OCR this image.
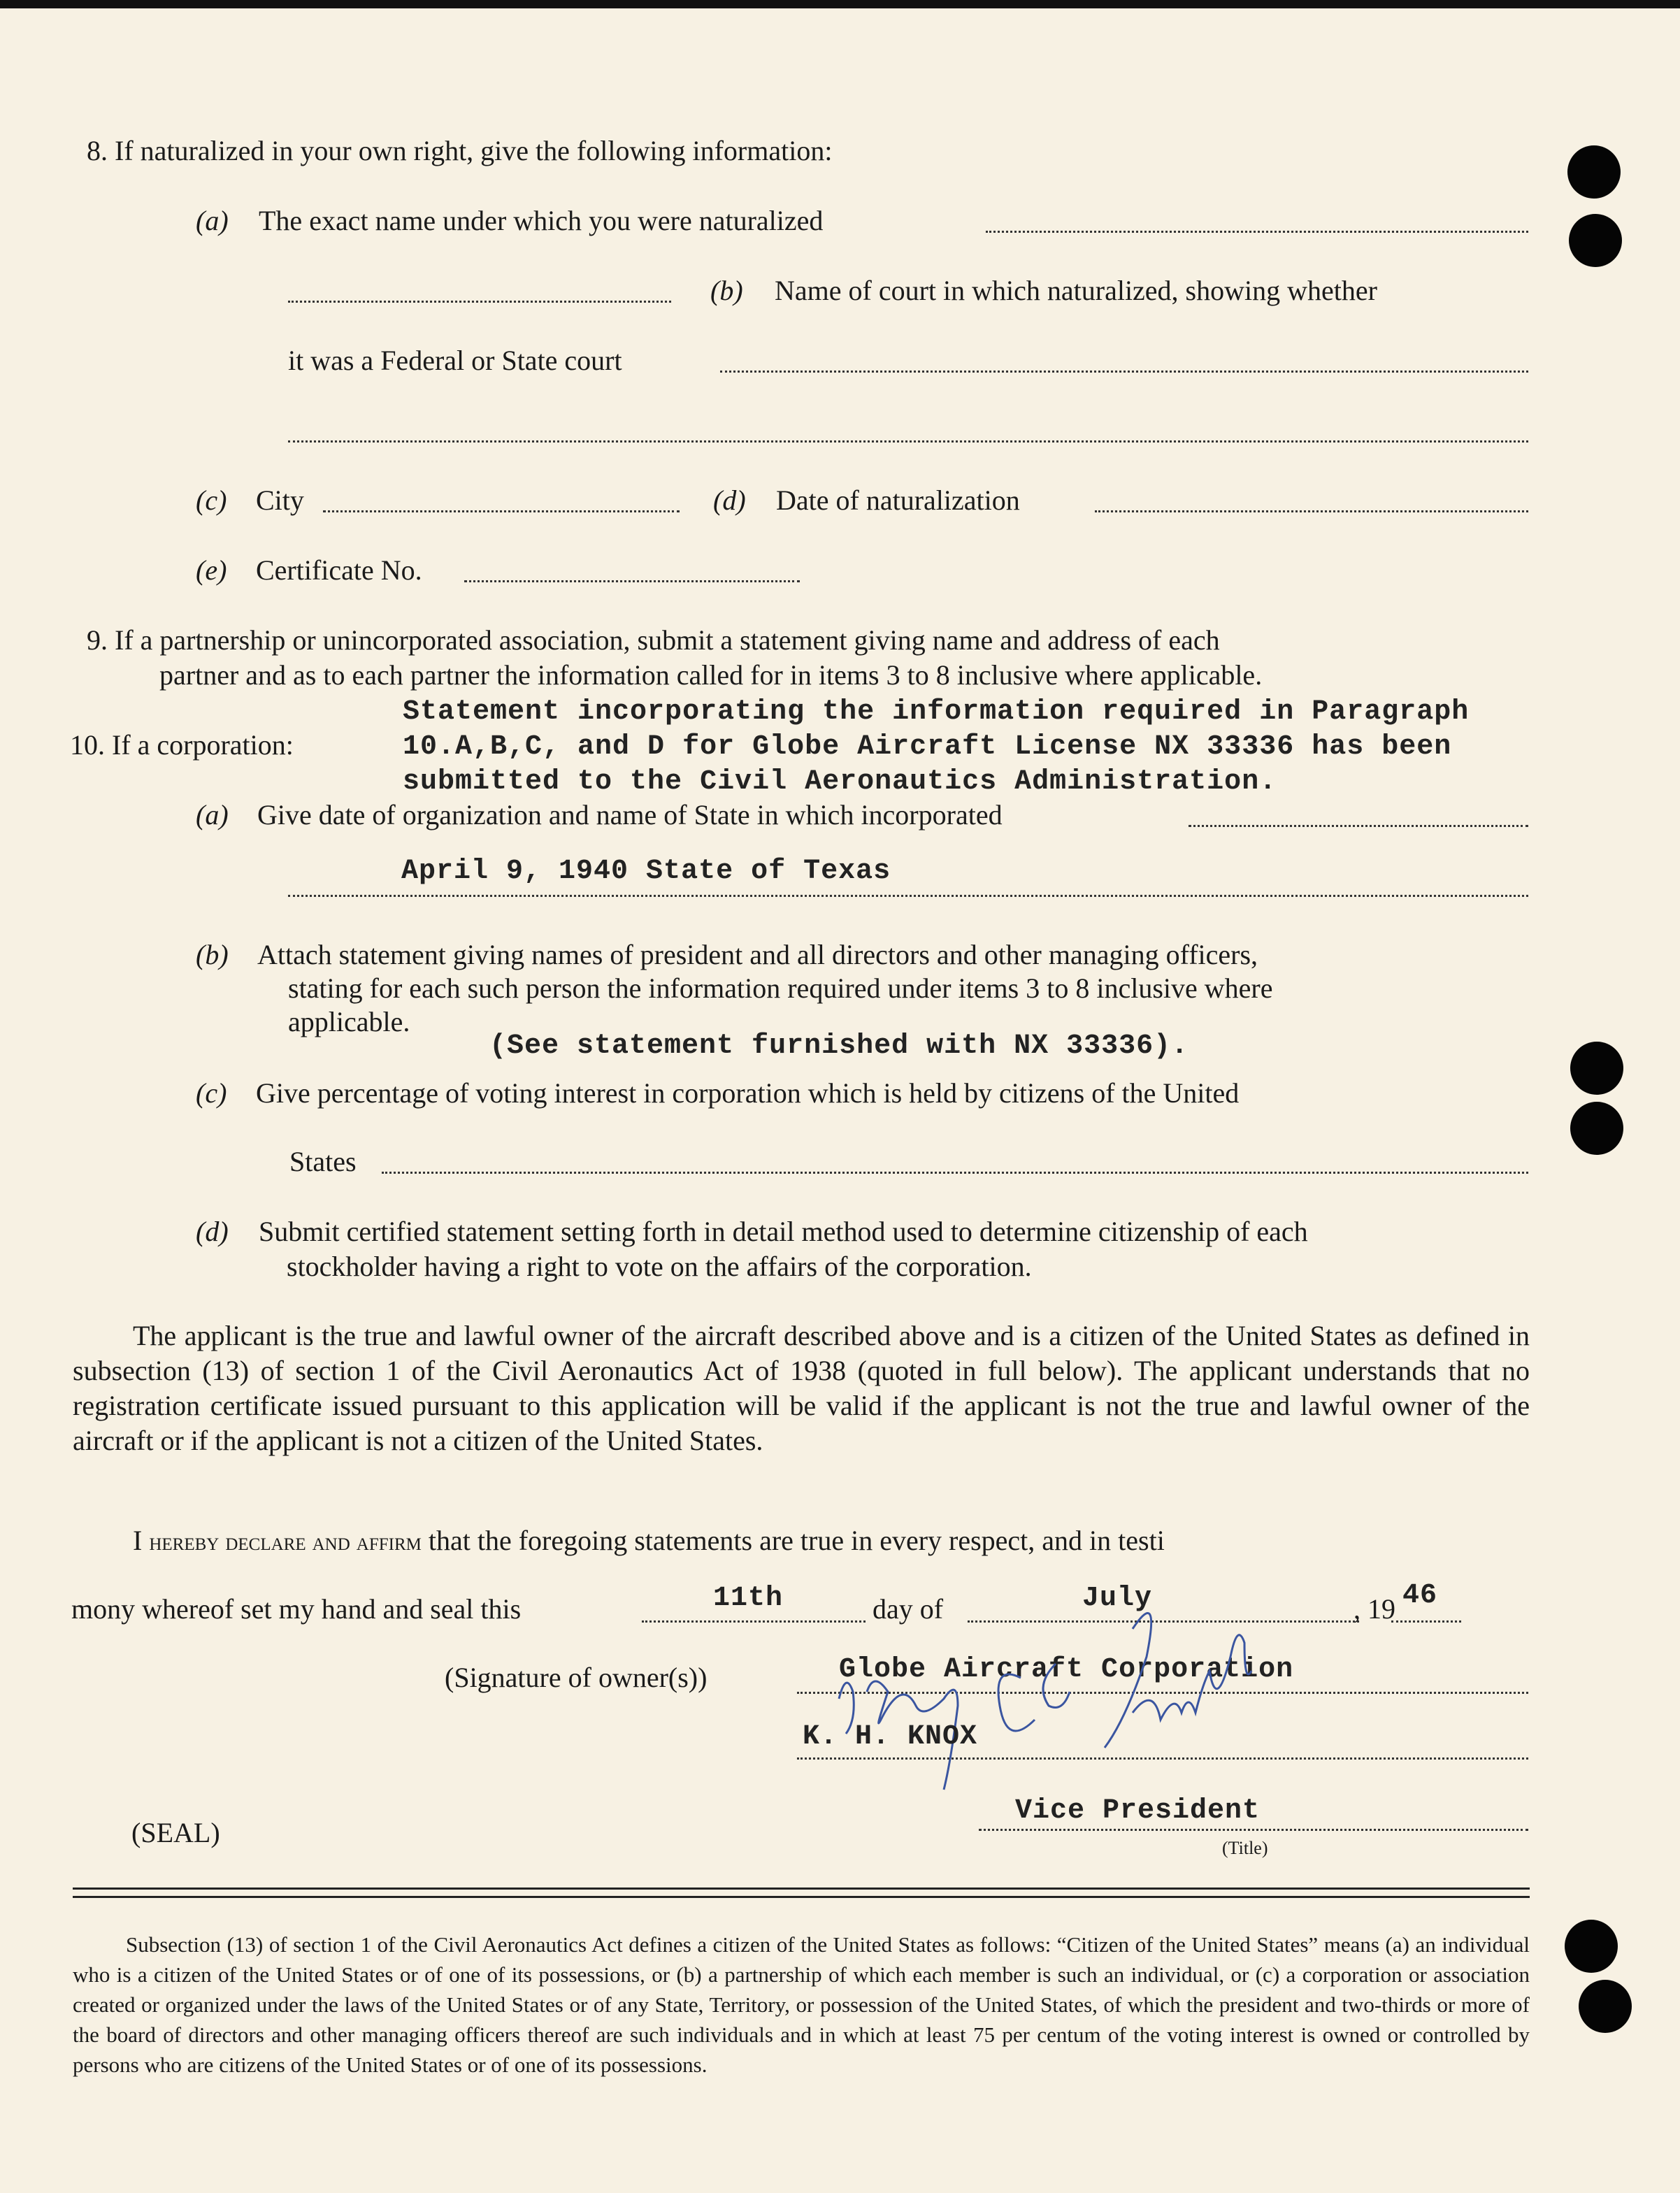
8. If naturalized in your own right, give the following information:
(a) The exact name under which you were naturalized
(b) Name of court in which naturalized, showing whether
it was a Federal or State court
(c) City	(d) Date of naturalization
(e) Certificate No.
9. If a partnership or unincorporated association, submit a statement giving name and address of each
partner and as to each partner the information called for in items 3 to 8 inclusive where applicable.
10. If a corporation:
Statement incorporating the information required in Paragraph
10.A,B,C, and D for Globe Aircraft License NX 33336 has been
submitted to the Civil Aeronautics Administration.
(a) Give date of organization and name of State in which incorporated
April 9, 1940 State of Texas
(b) Attach statement giving names of president and all directors and other managing officers,
stating for each such person the information required under items 3 to 8 inclusive where
applicable.
(See statement furnished with NX 33336).
(c) Give percentage of voting interest in corporation which is held by citizens of the United
States
(d) Submit certified statement setting forth in detail method used to determine citizenship of each
stockholder having a right to vote on the affairs of the corporation.
The applicant is the true and lawful owner of the aircraft described above and is a citizen of the United States as defined in subsection (13) of section 1 of the Civil Aeronautics Act of 1938 (quoted in full below). The applicant understands that no registration certificate issued pursuant to this application will be valid if the applicant is not the true and lawful owner of the aircraft or if the applicant is not a citizen of the United States.
I hereby declare and affirm that the foregoing statements are true in every respect, and in testi
mony whereof set my hand and seal this	11th	day of	July	, 19 46
(Signature of owner(s))	Globe Aircraft Corporation
K. H. KNOX
(SEAL)
Vice President
(Title)
Subsection (13) of section 1 of the Civil Aeronautics Act defines a citizen of the United States as follows: “Citizen of the United States” means (a) an individual who is a citizen of the United States or of one of its possessions, or (b) a partnership of which each member is such an individual, or (c) a corporation or association created or organized under the laws of the United States or of any State, Territory, or possession of the United States, of which the president and two-thirds or more of the board of directors and other managing officers thereof are such individuals and in which at least 75 per centum of the voting interest is owned or controlled by persons who are citizens of the United States or of one of its possessions.
